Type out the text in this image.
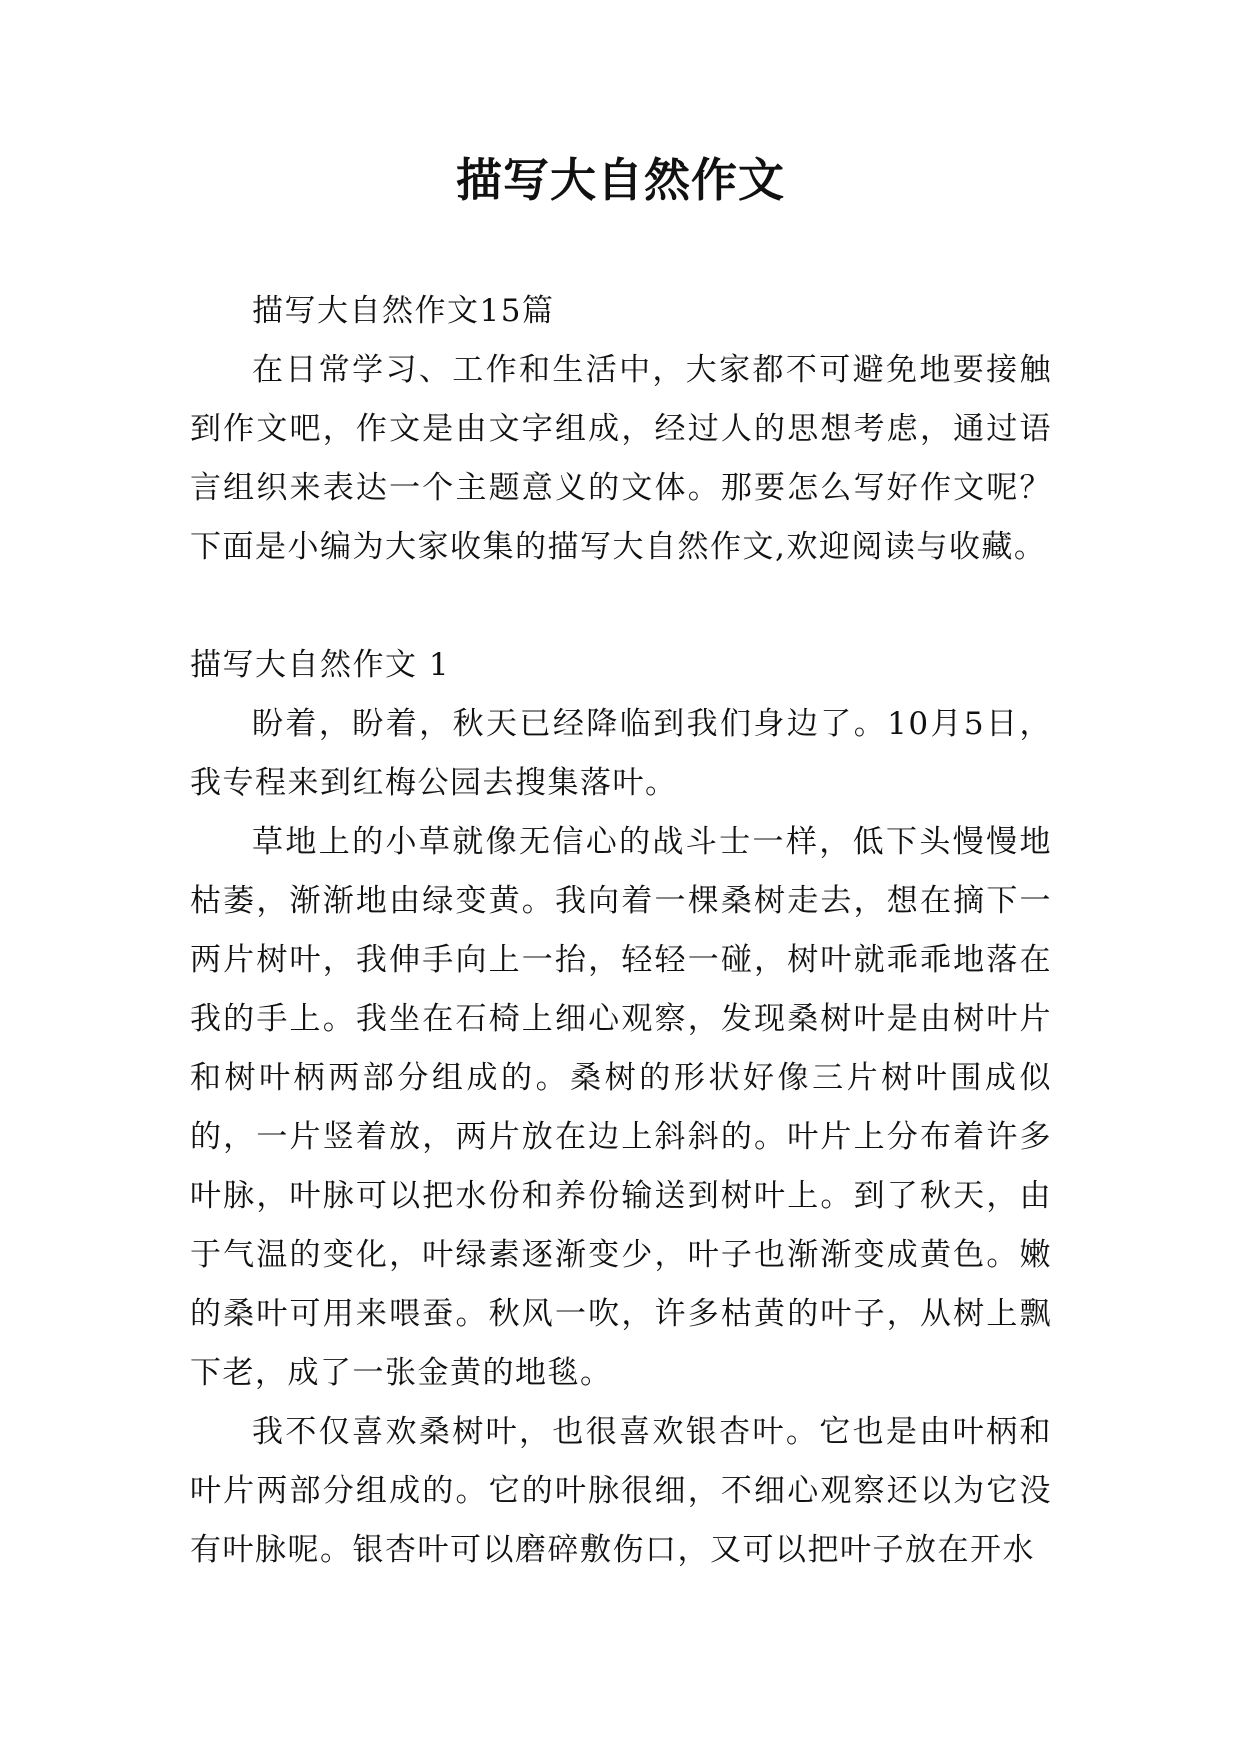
描写大自然作文

描写大自然作文15篇

在日常学习、工作和生活中，大家都不可避免地要接触到作文吧，作文是由文字组成，经过人的思想考虑，通过语言组织来表达一个主题意义的文体。那要怎么写好作文呢？下面是小编为大家收集的描写大自然作文,欢迎阅读与收藏。

描写大自然作文 1

盼着，盼着，秋天已经降临到我们身边了。10月5日，我专程来到红梅公园去搜集落叶。

草地上的小草就像无信心的战斗士一样，低下头慢慢地枯萎，渐渐地由绿变黄。我向着一棵桑树走去，想在摘下一两片树叶，我伸手向上一抬，轻轻一碰，树叶就乖乖地落在我的手上。我坐在石椅上细心观察，发现桑树叶是由树叶片和树叶柄两部分组成的。桑树的形状好像三片树叶围成似的，一片竖着放，两片放在边上斜斜的。叶片上分布着许多叶脉，叶脉可以把水份和养份输送到树叶上。到了秋天，由于气温的变化，叶绿素逐渐变少，叶子也渐渐变成黄色。嫩的桑叶可用来喂蚕。秋风一吹，许多枯黄的叶子，从树上飘下老，成了一张金黄的地毯。

我不仅喜欢桑树叶，也很喜欢银杏叶。它也是由叶柄和叶片两部分组成的。它的叶脉很细，不细心观察还以为它没有叶脉呢。银杏叶可以磨碎敷伤口，又可以把叶子放在开水
